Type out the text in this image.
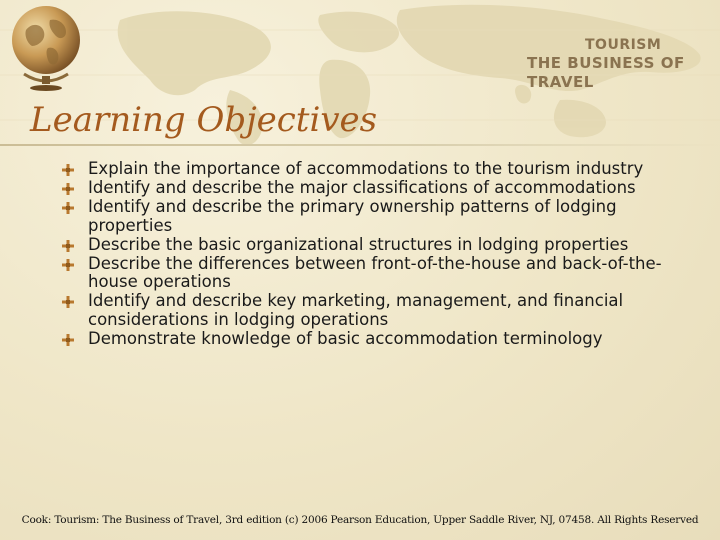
TOURISM
THE BUSINESS OF TRAVEL
Learning Objectives
Explain the importance of accommodations to the tourism industry
Identify and describe the major classifications of accommodations
Identify and describe the primary ownership patterns of lodging properties
Describe the basic organizational structures in lodging properties
Describe the differences between front-of-the-house and back-of-the-house operations
Identify and describe key marketing, management, and financial considerations in lodging operations
Demonstrate knowledge of basic accommodation terminology
Cook: Tourism: The Business of Travel, 3rd edition (c) 2006 Pearson Education, Upper Saddle River, NJ, 07458. All Rights Reserved
